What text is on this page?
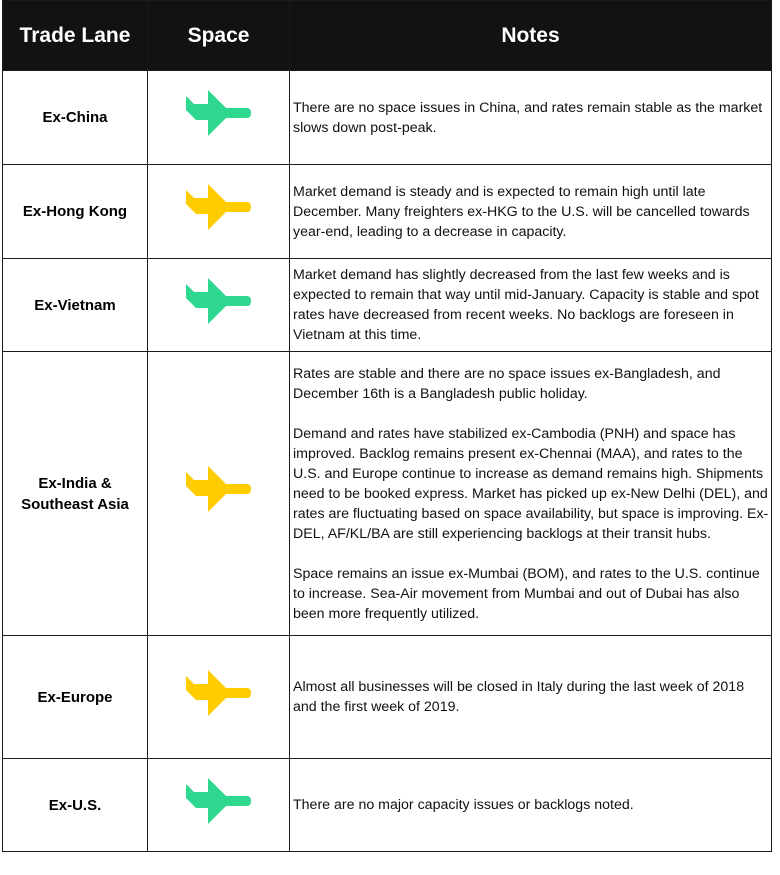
Trade Lane	Space	Notes
Ex-China		There are no space issues in China, and rates remain stable as the market slows down post-peak.

Ex-Hong Kong		Market demand is steady and is expected to remain high until late December. Many freighters ex-HKG to the U.S. will be cancelled towards year-end, leading to a decrease in capacity.

Ex-Vietnam		Market demand has slightly decreased from the last few weeks and is expected to remain that way until mid-January. Capacity is stable and spot rates have decreased from recent weeks. No backlogs are foreseen in Vietnam at this time.

Ex-India & Southeast Asia		Rates are stable and there are no space issues ex-Bangladesh, and December 16th is a Bangladesh public holiday.

Demand and rates have stabilized ex-Cambodia (PNH) and space has improved. Backlog remains present ex-Chennai (MAA), and rates to the U.S. and Europe continue to increase as demand remains high. Shipments need to be booked express. Market has picked up ex-New Delhi (DEL), and rates are fluctuating based on space availability, but space is improving. Ex-DEL, AF/KL/BA are still experiencing backlogs at their transit hubs.

Space remains an issue ex-Mumbai (BOM), and rates to the U.S. continue to increase. Sea-Air movement from Mumbai and out of Dubai has also been more frequently utilized.

Ex-Europe		Almost all businesses will be closed in Italy during the last week of 2018 and the first week of 2019.

Ex-U.S.		There are no major capacity issues or backlogs noted.
